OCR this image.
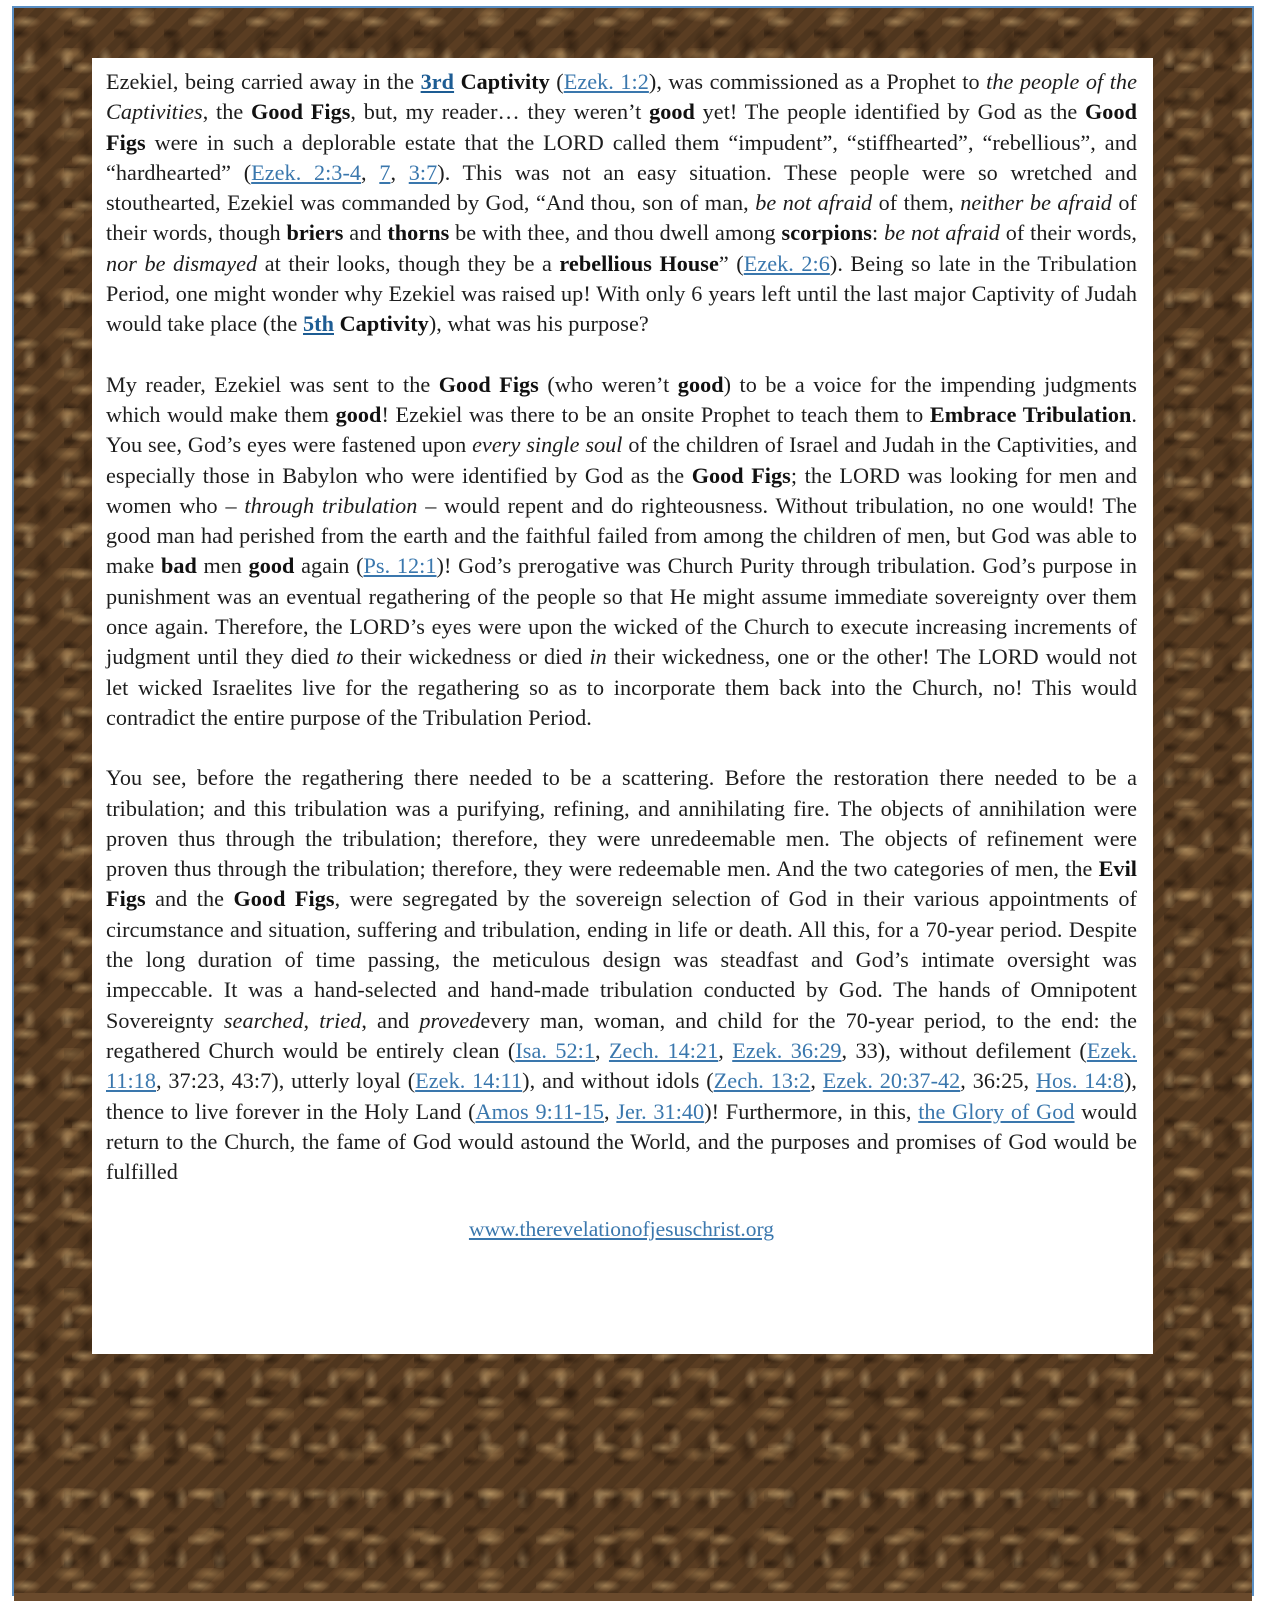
Ezekiel, being carried away in the 3rd Captivity (Ezek. 1:2), was commissioned as a Prophet to the people of the Captivities, the Good Figs, but, my reader… they weren’t good yet! The people identified by God as the Good Figs were in such a deplorable estate that the LORD called them “impudent”, “stiffhearted”, “rebellious”, and “hardhearted” (Ezek. 2:3-4, 7, 3:7). This was not an easy situation. These people were so wretched and stouthearted, Ezekiel was commanded by God, “And thou, son of man, be not afraid of them, neither be afraid of their words, though briers and thorns be with thee, and thou dwell among scorpions: be not afraid of their words, nor be dismayed at their looks, though they be a rebellious House” (Ezek. 2:6). Being so late in the Tribulation Period, one might wonder why Ezekiel was raised up! With only 6 years left until the last major Captivity of Judah would take place (the 5th Captivity), what was his purpose?

My reader, Ezekiel was sent to the Good Figs (who weren’t good) to be a voice for the impending judgments which would make them good! Ezekiel was there to be an onsite Prophet to teach them to Embrace Tribulation. You see, God’s eyes were fastened upon every single soul of the children of Israel and Judah in the Captivities, and especially those in Babylon who were identified by God as the Good Figs; the LORD was looking for men and women who – through tribulation – would repent and do righteousness. Without tribulation, no one would! The good man had perished from the earth and the faithful failed from among the children of men, but God was able to make bad men good again (Ps. 12:1)! God’s prerogative was Church Purity through tribulation. God’s purpose in punishment was an eventual regathering of the people so that He might assume immediate sovereignty over them once again. Therefore, the LORD’s eyes were upon the wicked of the Church to execute increasing increments of judgment until they died to their wickedness or died in their wickedness, one or the other! The LORD would not let wicked Israelites live for the regathering so as to incorporate them back into the Church, no! This would contradict the entire purpose of the Tribulation Period.

You see, before the regathering there needed to be a scattering. Before the restoration there needed to be a tribulation; and this tribulation was a purifying, refining, and annihilating fire. The objects of annihilation were proven thus through the tribulation; therefore, they were unredeemable men. The objects of refinement were proven thus through the tribulation; therefore, they were redeemable men. And the two categories of men, the Evil Figs and the Good Figs, were segregated by the sovereign selection of God in their various appointments of circumstance and situation, suffering and tribulation, ending in life or death. All this, for a 70-year period. Despite the long duration of time passing, the meticulous design was steadfast and God’s intimate oversight was impeccable. It was a hand-selected and hand-made tribulation conducted by God. The hands of Omnipotent Sovereignty searched, tried, and provedevery man, woman, and child for the 70-year period, to the end: the regathered Church would be entirely clean (Isa. 52:1, Zech. 14:21, Ezek. 36:29, 33), without defilement (Ezek. 11:18, 37:23, 43:7), utterly loyal (Ezek. 14:11), and without idols (Zech. 13:2, Ezek. 20:37-42, 36:25, Hos. 14:8), thence to live forever in the Holy Land (Amos 9:11-15, Jer. 31:40)! Furthermore, in this, the Glory of God would return to the Church, the fame of God would astound the World, and the purposes and promises of God would be fulfilled

www.therevelationofjesuschrist.org
